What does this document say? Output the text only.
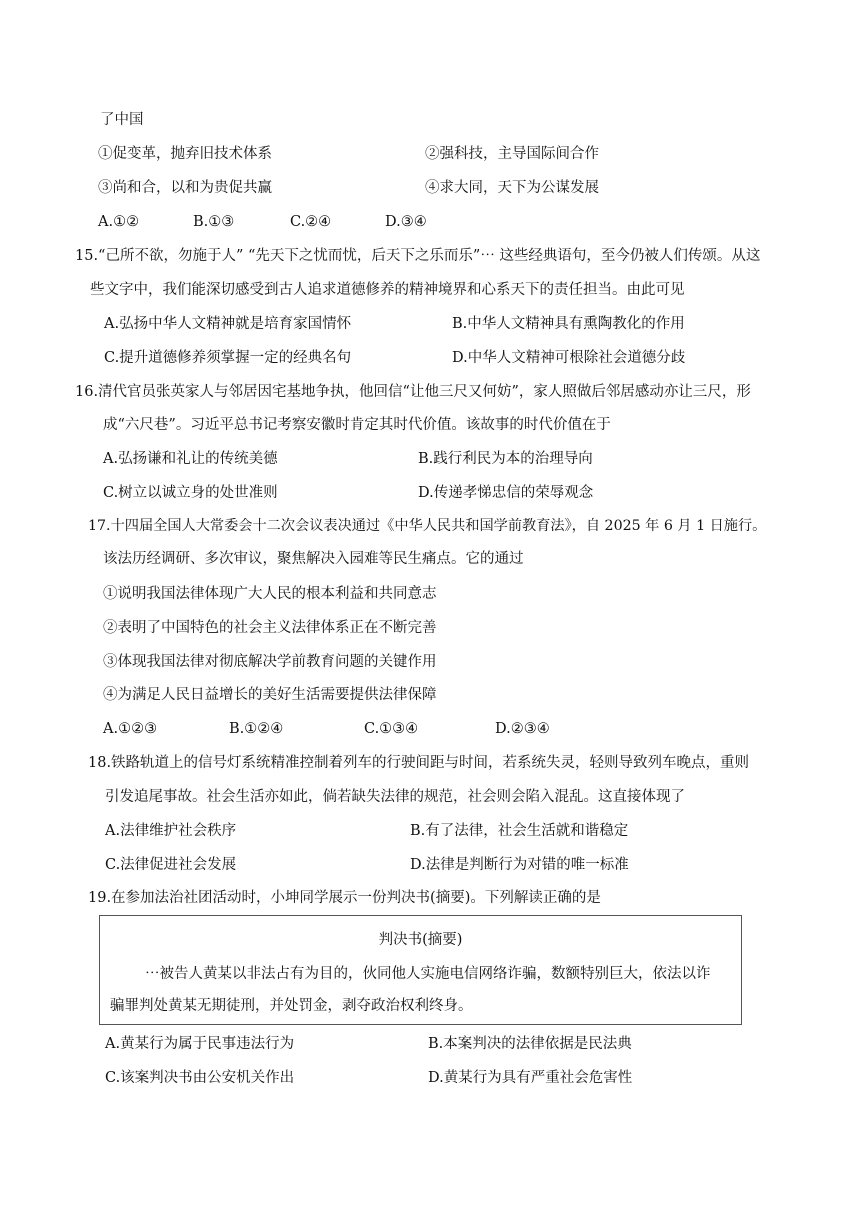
了中国
①促变革，抛弃旧技术体系	②强科技，主导国际间合作
③尚和合，以和为贵促共赢	④求大同，天下为公谋发展
A.①②	B.①③	C.②④	D.③④
15.“己所不欲，勿施于人” “先天下之忧而忧，后天下之乐而乐”⋯ 这些经典语句，至今仍被人们传颂。从这
些文字中，我们能深切感受到古人追求道德修养的精神境界和心系天下的责任担当。由此可见
A.弘扬中华人文精神就是培育家国情怀	B.中华人文精神具有熏陶教化的作用
C.提升道德修养须掌握一定的经典名句	D.中华人文精神可根除社会道德分歧
16.清代官员张英家人与邻居因宅基地争执，他回信“让他三尺又何妨”，家人照做后邻居感动亦让三尺，形
成“六尺巷”。习近平总书记考察安徽时肯定其时代价值。该故事的时代价值在于
A.弘扬谦和礼让的传统美德	B.践行利民为本的治理导向
C.树立以诚立身的处世准则	D.传递孝悌忠信的荣辱观念
17.十四届全国人大常委会十二次会议表决通过《中华人民共和国学前教育法》，自 2025 年 6 月 1 日施行。
该法历经调研、多次审议，聚焦解决入园难等民生痛点。它的通过
①说明我国法律体现广大人民的根本利益和共同意志
②表明了中国特色的社会主义法律体系正在不断完善
③体现我国法律对彻底解决学前教育问题的关键作用
④为满足人民日益增长的美好生活需要提供法律保障
A.①②③	B.①②④	C.①③④	D.②③④
18.铁路轨道上的信号灯系统精准控制着列车的行驶间距与时间，若系统失灵，轻则导致列车晚点，重则
引发追尾事故。社会生活亦如此，倘若缺失法律的规范，社会则会陷入混乱。这直接体现了
A.法律维护社会秩序	B.有了法律，社会生活就和谐稳定
C.法律促进社会发展	D.法律是判断行为对错的唯一标准
19.在参加法治社团活动时，小坤同学展示一份判决书(摘要)。下列解读正确的是
判决书(摘要)
⋯被告人黄某以非法占有为目的，伙同他人实施电信网络诈骗，数额特别巨大，依法以诈
骗罪判处黄某无期徒刑，并处罚金，剥夺政治权利终身。
A.黄某行为属于民事违法行为	B.本案判决的法律依据是民法典
C.该案判决书由公安机关作出	D.黄某行为具有严重社会危害性
